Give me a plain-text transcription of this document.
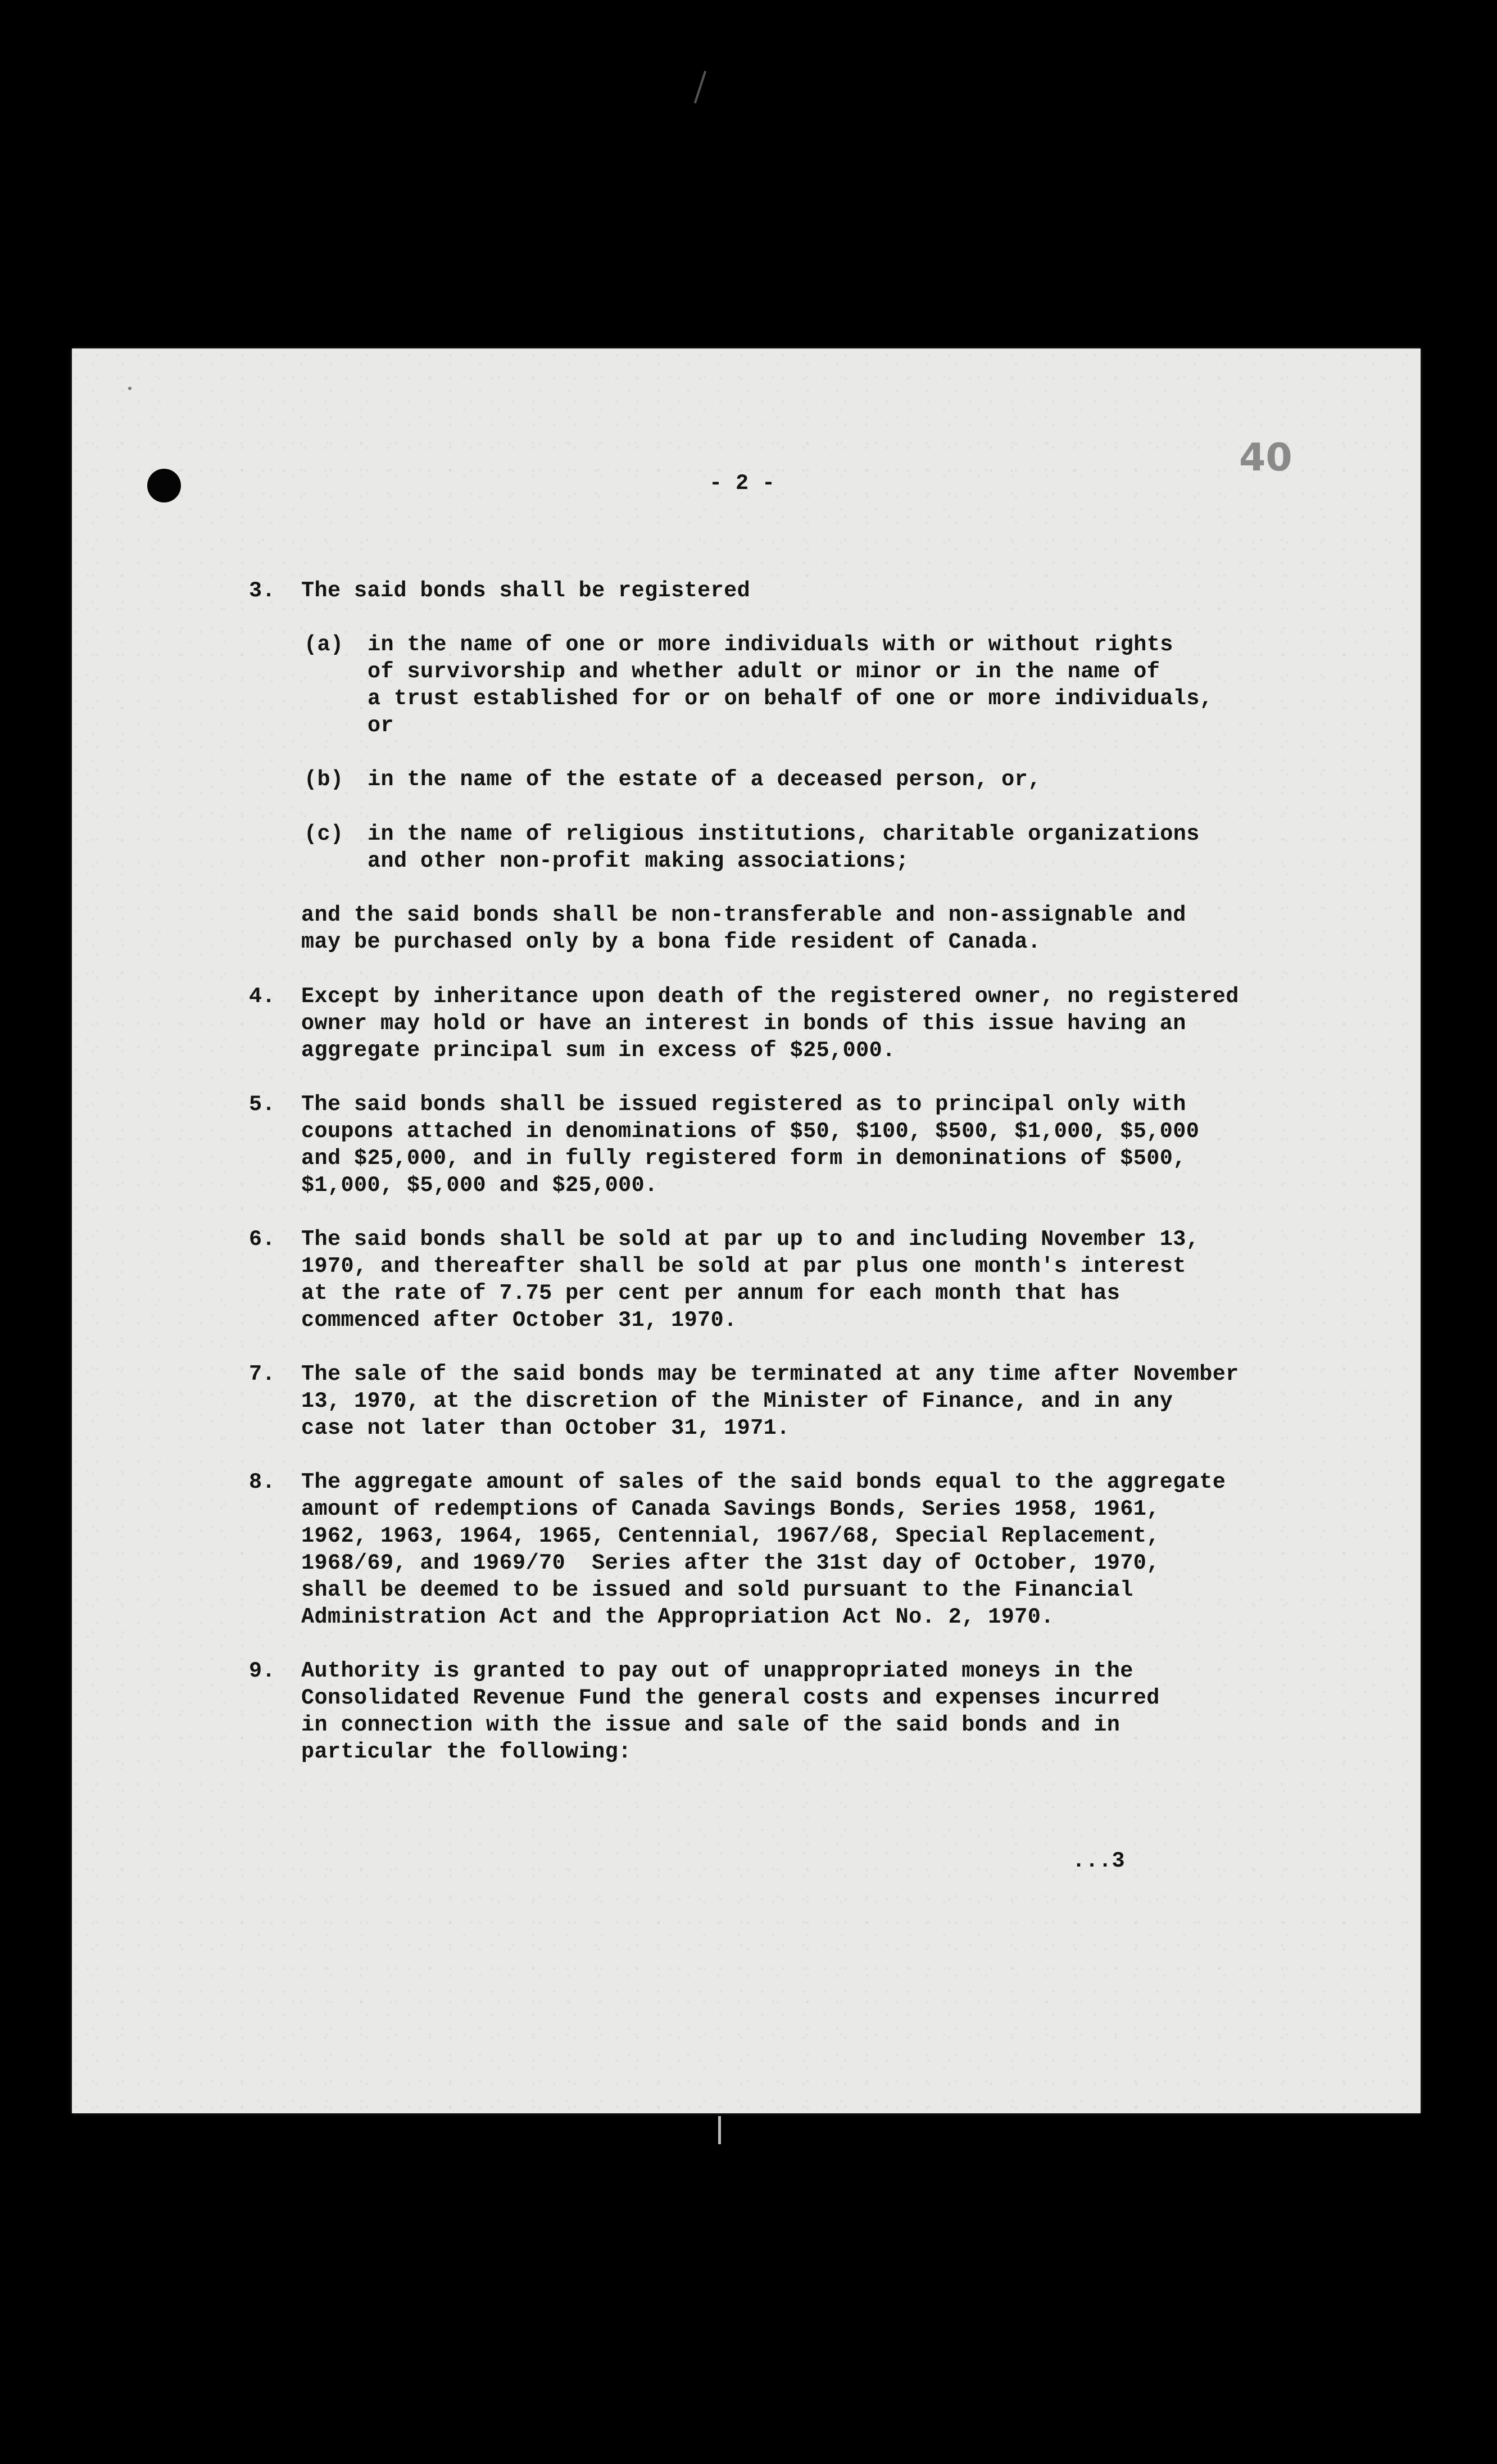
40
- 2 -
3. The said bonds shall be registered
(a) in the name of one or more individuals with or without rights
of survivorship and whether adult or minor or in the name of
a trust established for or on behalf of one or more individuals,
or
(b) in the name of the estate of a deceased person, or,
(c) in the name of religious institutions, charitable organizations
and other non-profit making associations;
and the said bonds shall be non-transferable and non-assignable and
may be purchased only by a bona fide resident of Canada.
4. Except by inheritance upon death of the registered owner, no registered
owner may hold or have an interest in bonds of this issue having an
aggregate principal sum in excess of $25,000.
5. The said bonds shall be issued registered as to principal only with
coupons attached in denominations of $50, $100, $500, $1,000, $5,000
and $25,000, and in fully registered form in demoninations of $500,
$1,000, $5,000 and $25,000.
6. The said bonds shall be sold at par up to and including November 13,
1970, and thereafter shall be sold at par plus one month's interest
at the rate of 7.75 per cent per annum for each month that has
commenced after October 31, 1970.
7. The sale of the said bonds may be terminated at any time after November
13, 1970, at the discretion of the Minister of Finance, and in any
case not later than October 31, 1971.
8. The aggregate amount of sales of the said bonds equal to the aggregate
amount of redemptions of Canada Savings Bonds, Series 1958, 1961,
1962, 1963, 1964, 1965, Centennial, 1967/68, Special Replacement,
1968/69, and 1969/70  Series after the 31st day of October, 1970,
shall be deemed to be issued and sold pursuant to the Financial
Administration Act and the Appropriation Act No. 2, 1970.
9. Authority is granted to pay out of unappropriated moneys in the
Consolidated Revenue Fund the general costs and expenses incurred
in connection with the issue and sale of the said bonds and in
particular the following:
...3
